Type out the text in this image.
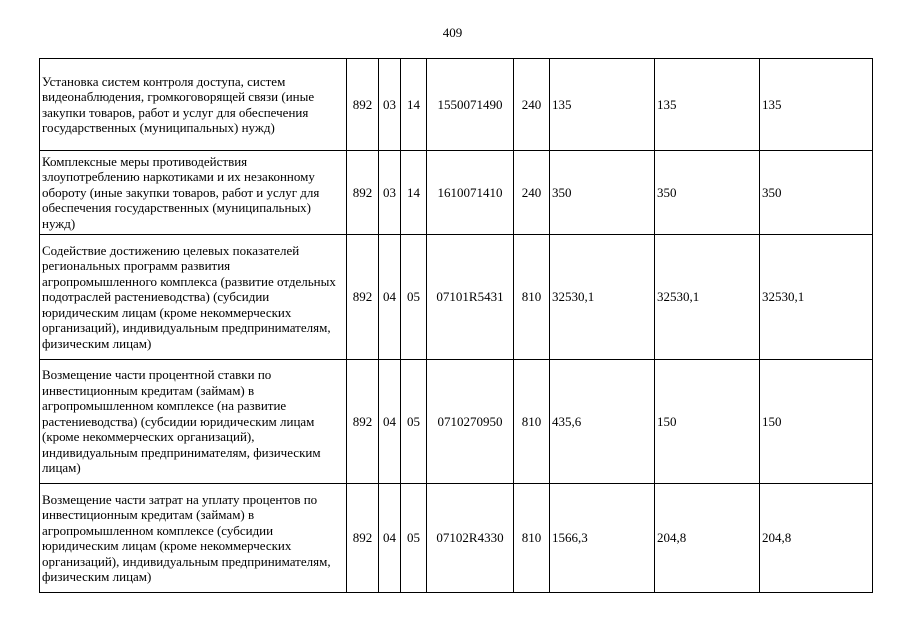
409
Установка систем контроля доступа, систем видеонаблюдения, громкоговорящей связи (иные закупки товаров, работ и услуг для обеспечения государственных (муниципальных) нужд)	892	03	14	1550071490	240	135	135	135
Комплексные меры противодействия злоупотреблению наркотиками и их незаконному обороту (иные закупки товаров, работ и услуг для обеспечения государственных (муниципальных) нужд)	892	03	14	1610071410	240	350	350	350
Содействие достижению целевых показателей региональных программ развития агропромышленного комплекса (развитие отдельных подотраслей растениеводства) (субсидии юридическим лицам (кроме некоммерческих организаций), индивидуальным предпринимателям, физическим лицам)	892	04	05	07101R5431	810	32530,1	32530,1	32530,1
Возмещение части процентной ставки по инвестиционным кредитам (займам) в агропромышленном комплексе (на развитие растениеводства) (субсидии юридическим лицам (кроме некоммерческих организаций), индивидуальным предпринимателям, физическим лицам)	892	04	05	0710270950	810	435,6	150	150
Возмещение части затрат на уплату процентов по инвестиционным кредитам (займам) в агропромышленном комплексе (субсидии юридическим лицам (кроме некоммерческих организаций), индивидуальным предпринимателям, физическим лицам)	892	04	05	07102R4330	810	1566,3	204,8	204,8
